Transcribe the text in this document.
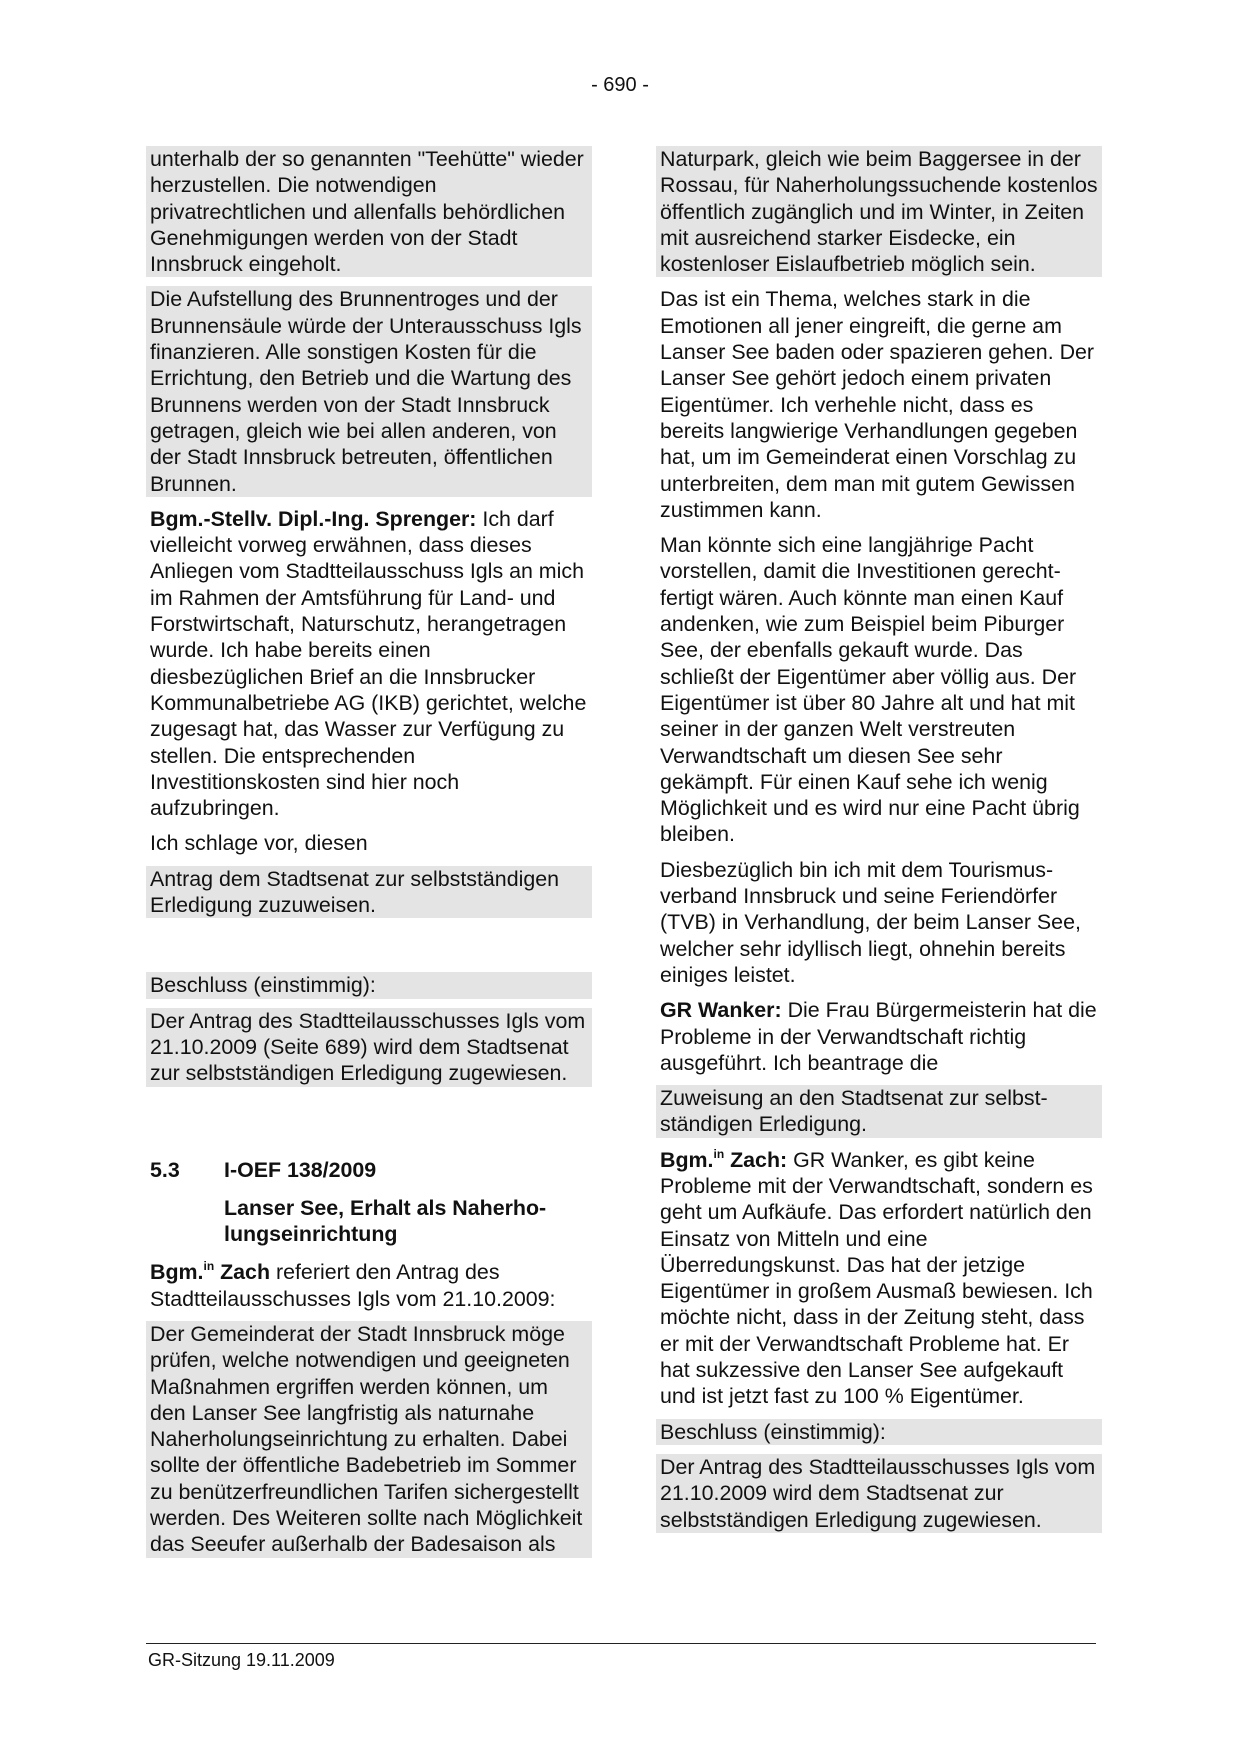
- 690 -

unterhalb der so genannten "Teehütte" wieder herzustellen. Die notwendigen privatrechtlichen und allenfalls behördlichen Genehmigungen werden von der Stadt Innsbruck eingeholt.

Die Aufstellung des Brunnentroges und der Brunnensäule würde der Unterausschuss Igls finanzieren. Alle sonstigen Kosten für die Errichtung, den Betrieb und die Wartung des Brunnens werden von der Stadt Innsbruck getragen, gleich wie bei allen anderen, von der Stadt Innsbruck betreuten, öffentlichen Brunnen.

Bgm.-Stellv. Dipl.-Ing. Sprenger: Ich darf vielleicht vorweg erwähnen, dass dieses Anliegen vom Stadtteilausschuss Igls an mich im Rahmen der Amtsführung für Land- und Forstwirtschaft, Naturschutz, herangetragen wurde. Ich habe bereits einen diesbezüglichen Brief an die Innsbrucker Kommunalbetriebe AG (IKB) gerichtet, welche zugesagt hat, das Wasser zur Verfügung zu stellen. Die entsprechenden Investitionskosten sind hier noch aufzubringen.

Ich schlage vor, diesen

Antrag dem Stadtsenat zur selbstständigen Erledigung zuzuweisen.

Beschluss (einstimmig):

Der Antrag des Stadtteilausschusses Igls vom 21.10.2009 (Seite 689) wird dem Stadtsenat zur selbstständigen Erledigung zugewiesen.

5.3	I-OEF 138/2009
Lanser See, Erhalt als Naherholungseinrichtung

Bgm.$^{in}$ Zach referiert den Antrag des Stadtteilausschusses Igls vom 21.10.2009:

Der Gemeinderat der Stadt Innsbruck möge prüfen, welche notwendigen und geeigneten Maßnahmen ergriffen werden können, um den Lanser See langfristig als naturnahe Naherholungseinrichtung zu erhalten. Dabei sollte der öffentliche Badebetrieb im Sommer zu benützerfreundlichen Tarifen sichergestellt werden. Des Weiteren sollte nach Möglichkeit das Seeufer außerhalb der Badesaison als

Naturpark, gleich wie beim Baggersee in der Rossau, für Naherholungssuchende kostenlos öffentlich zugänglich und im Winter, in Zeiten mit ausreichend starker Eisdecke, ein kostenloser Eislaufbetrieb möglich sein.

Das ist ein Thema, welches stark in die Emotionen all jener eingreift, die gerne am Lanser See baden oder spazieren gehen. Der Lanser See gehört jedoch einem privaten Eigentümer. Ich verhehle nicht, dass es bereits langwierige Verhandlungen gegeben hat, um im Gemeinderat einen Vorschlag zu unterbreiten, dem man mit gutem Gewissen zustimmen kann.

Man könnte sich eine langjährige Pacht vorstellen, damit die Investitionen gerechtfertigt wären. Auch könnte man einen Kauf andenken, wie zum Beispiel beim Piburger See, der ebenfalls gekauft wurde. Das schließt der Eigentümer aber völlig aus. Der Eigentümer ist über 80 Jahre alt und hat mit seiner in der ganzen Welt verstreuten Verwandtschaft um diesen See sehr gekämpft. Für einen Kauf sehe ich wenig Möglichkeit und es wird nur eine Pacht übrig bleiben.

Diesbezüglich bin ich mit dem Tourismusverband Innsbruck und seine Feriendörfer (TVB) in Verhandlung, der beim Lanser See, welcher sehr idyllisch liegt, ohnehin bereits einiges leistet.

GR Wanker: Die Frau Bürgermeisterin hat die Probleme in der Verwandtschaft richtig ausgeführt. Ich beantrage die

Zuweisung an den Stadtsenat zur selbstständigen Erledigung.

Bgm.$^{in}$ Zach: GR Wanker, es gibt keine Probleme mit der Verwandtschaft, sondern es geht um Aufkäufe. Das erfordert natürlich den Einsatz von Mitteln und eine Überredungskunst. Das hat der jetzige Eigentümer in großem Ausmaß bewiesen. Ich möchte nicht, dass in der Zeitung steht, dass er mit der Verwandtschaft Probleme hat. Er hat sukzessive den Lanser See aufgekauft und ist jetzt fast zu 100 % Eigentümer.

Beschluss (einstimmig):

Der Antrag des Stadtteilausschusses Igls vom 21.10.2009 wird dem Stadtsenat zur selbstständigen Erledigung zugewiesen.

GR-Sitzung 19.11.2009
